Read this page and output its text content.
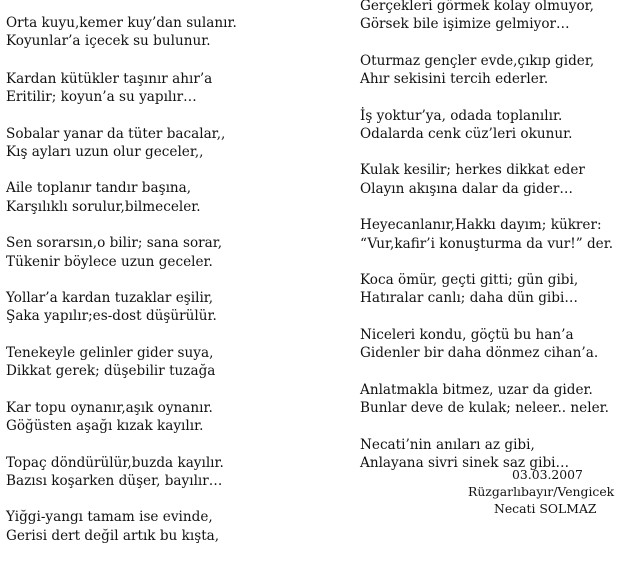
Orta kuyu,kemer kuy’dan sulanır.
Koyunlar’a içecek su bulunur.
Kardan kütükler taşınır ahır’a
Eritilir; koyun’a su yapılır…
Sobalar yanar da tüter bacalar,,
Kış ayları uzun olur geceler,,
Aile toplanır tandır başına,
Karşılıklı sorulur,bilmeceler.
Sen sorarsın,o bilir; sana sorar,
Tükenir böylece uzun geceler.
Yollar’a kardan tuzaklar eşilir,
Şaka yapılır;es-dost düşürülür.
Tenekeyle gelinler gider suya,
Dikkat gerek; düşebilir tuzağa
Kar topu oynanır,aşık oynanır.
Göğüsten aşağı kızak kayılır.
Topaç döndürülür,buzda kayılır.
Bazısı koşarken düşer, bayılır…
Yiğgi-yangı tamam ise evinde,
Gerisi dert değil artık bu kışta,
Gerçekleri görmek kolay olmuyor,
Görsek bile işimize gelmiyor…
Oturmaz gençler evde,çıkıp gider,
Ahır sekisini tercih ederler.
İş yoktur’ya, odada toplanılır.
Odalarda cenk cüz’leri okunur.
Kulak kesilir; herkes dikkat eder
Olayın akışına dalar da gider…
Heyecanlanır,Hakkı dayım; kükrer:
“Vur,kafir’i konuşturma da vur!” der.
Koca ömür, geçti gitti; gün gibi,
Hatıralar canlı; daha dün gibi…
Niceleri kondu, göçtü bu han’a
Gidenler bir daha dönmez cihan’a.
Anlatmakla bitmez, uzar da gider.
Bunlar deve de kulak; neleer.. neler.
Necati’nin anıları az gibi,
Anlayana sivri sinek saz gibi…
03.03.2007
Rüzgarlıbayır/Vengicek
Necati SOLMAZ
